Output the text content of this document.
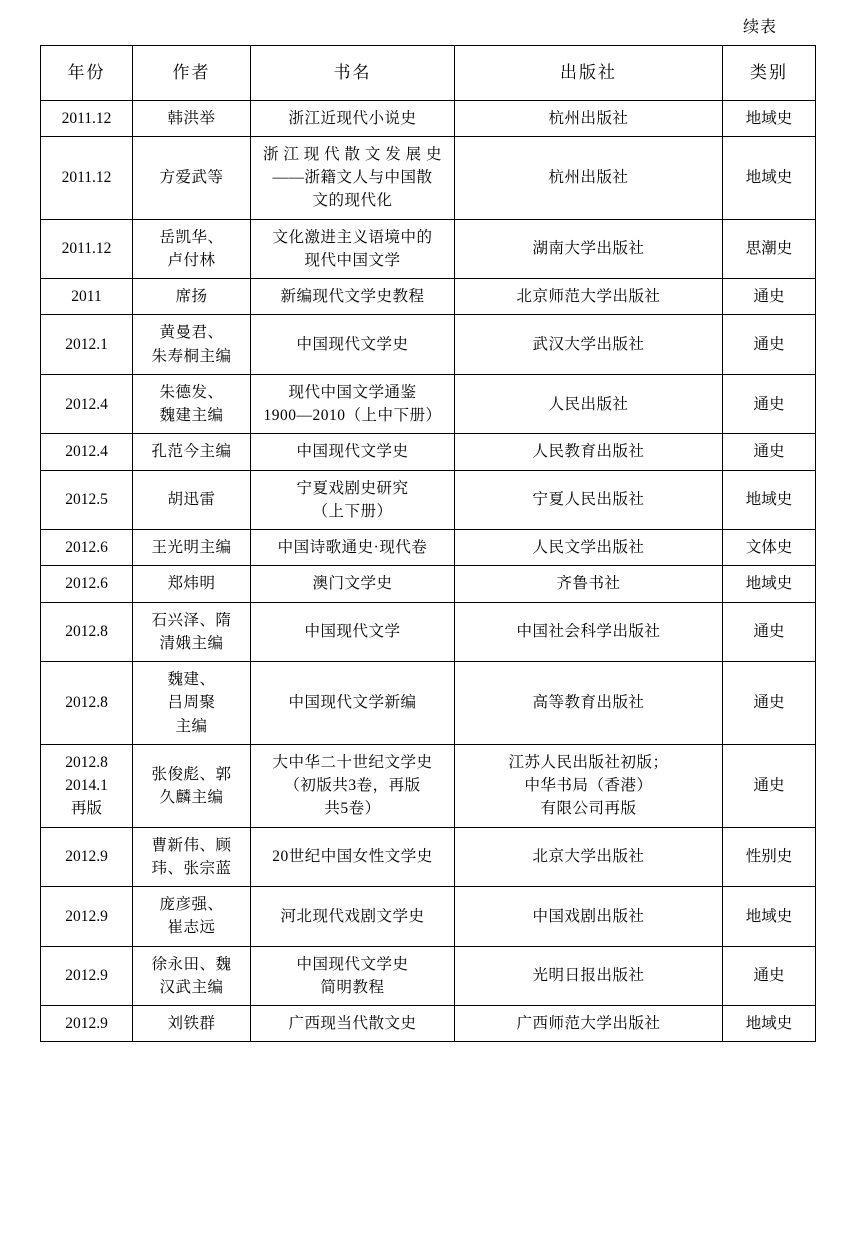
续表
年份	作者	书名	出版社	类别

2011.12	韩洪举	浙江近现代小说史	杭州出版社	地域史

2011.12	方爱武等	浙 江 现 代 散 文 发 展 史
——浙籍文人与中国散
文的现代化	杭州出版社	地域史

2011.12	岳凯华、
卢付林	文化激进主义语境中的
现代中国文学	湖南大学出版社	思潮史

2011	席扬	新编现代文学史教程	北京师范大学出版社	通史

2012.1	黄曼君、
朱寿桐主编	中国现代文学史	武汉大学出版社	通史

2012.4	朱德发、
魏建主编	现代中国文学通鉴
1900—2010（上中下册）	人民出版社	通史

2012.4	孔范今主编	中国现代文学史	人民教育出版社	通史

2012.5	胡迅雷	宁夏戏剧史研究
（上下册）	宁夏人民出版社	地域史

2012.6	王光明主编	中国诗歌通史·现代卷	人民文学出版社	文体史

2012.6	郑炜明	澳门文学史	齐鲁书社	地域史

2012.8	石兴泽、隋
清娥主编	中国现代文学	中国社会科学出版社	通史

2012.8	魏建、
吕周聚
主编	中国现代文学新编	高等教育出版社	通史

2012.8
2014.1
再版	张俊彪、郭
久麟主编	大中华二十世纪文学史
（初版共3卷，再版
共5卷）	江苏人民出版社初版；
中华书局（香港）
有限公司再版	通史

2012.9	曹新伟、顾
玮、张宗蓝	20世纪中国女性文学史	北京大学出版社	性别史

2012.9	庞彦强、
崔志远	河北现代戏剧文学史	中国戏剧出版社	地域史

2012.9	徐永田、魏
汉武主编	中国现代文学史
简明教程	光明日报出版社	通史

2012.9	刘铁群	广西现当代散文史	广西师范大学出版社	地域史
